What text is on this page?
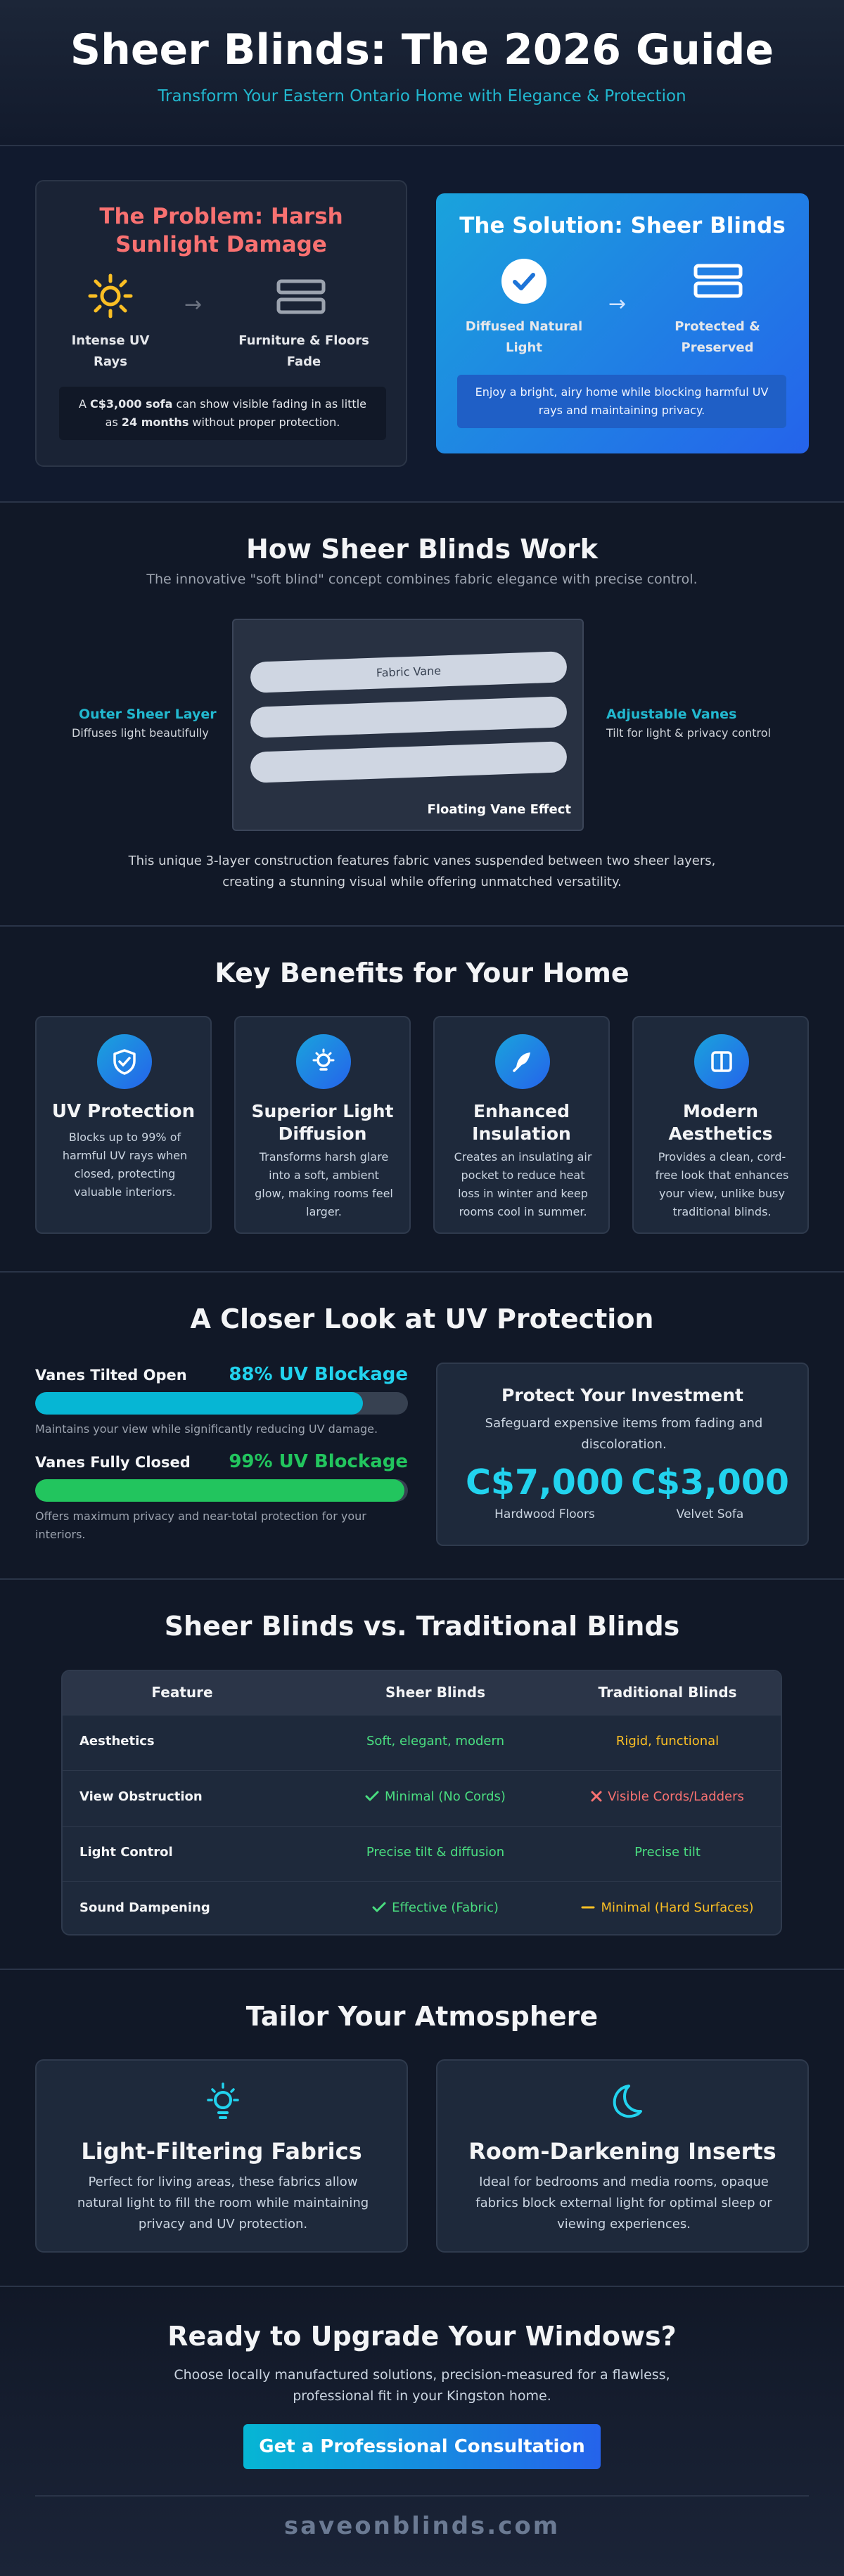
Sheer Blinds: The 2026 Guide

Transform Your Eastern Ontario Home with Elegance & Protection

The Problem: Harsh Sunlight Damage
Intense UV Rays
→
Furniture & Floors Fade
A C$3,000 sofa can show visible fading in as little as 24 months without proper protection.
The Solution: Sheer Blinds
Diffused Natural Light
→
Protected & Preserved
Enjoy a bright, airy home while blocking harmful UV rays and maintaining privacy.
How Sheer Blinds Work

The innovative "soft blind" concept combines fabric elegance with precise control.

Outer Sheer Layer
Diffuses light beautifully
Fabric Vane
Floating Vane Effect
Adjustable Vanes
Tilt for light & privacy control

This unique 3-layer construction features fabric vanes suspended between two sheer layers, creating a stunning visual while offering unmatched versatility.

Key Benefits for Your Home
UV Protection
Blocks up to 99% of harmful UV rays when closed, protecting valuable interiors.
Superior Light Diffusion
Transforms harsh glare into a soft, ambient glow, making rooms feel larger.
Enhanced Insulation
Creates an insulating air pocket to reduce heat loss in winter and keep rooms cool in summer.
Modern Aesthetics
Provides a clean, cord-free look that enhances your view, unlike busy traditional blinds.
A Closer Look at UV Protection
Vanes Tilted Open 88% UV Blockage
Maintains your view while significantly reducing UV damage.
Vanes Fully Closed 99% UV Blockage
Offers maximum privacy and near-total protection for your interiors.
Protect Your Investment
Safeguard expensive items from fading and discoloration.
C$7,000
Hardwood Floors
C$3,000
Velvet Sofa
Sheer Blinds vs. Traditional Blinds
Feature	Sheer Blinds	Traditional Blinds
Aesthetics	Soft, elegant, modern	Rigid, functional
View Obstruction	Minimal (No Cords)	Visible Cords/Ladders
Light Control	Precise tilt & diffusion	Precise tilt
Sound Dampening	Effective (Fabric)	Minimal (Hard Surfaces)
Tailor Your Atmosphere
Light-Filtering Fabrics
Perfect for living areas, these fabrics allow natural light to fill the room while maintaining privacy and UV protection.
Room-Darkening Inserts
Ideal for bedrooms and media rooms, opaque fabrics block external light for optimal sleep or viewing experiences.
Ready to Upgrade Your Windows?

Choose locally manufactured solutions, precision-measured for a flawless, professional fit in your Kingston home.

Get a Professional Consultation
saveonblinds.com
